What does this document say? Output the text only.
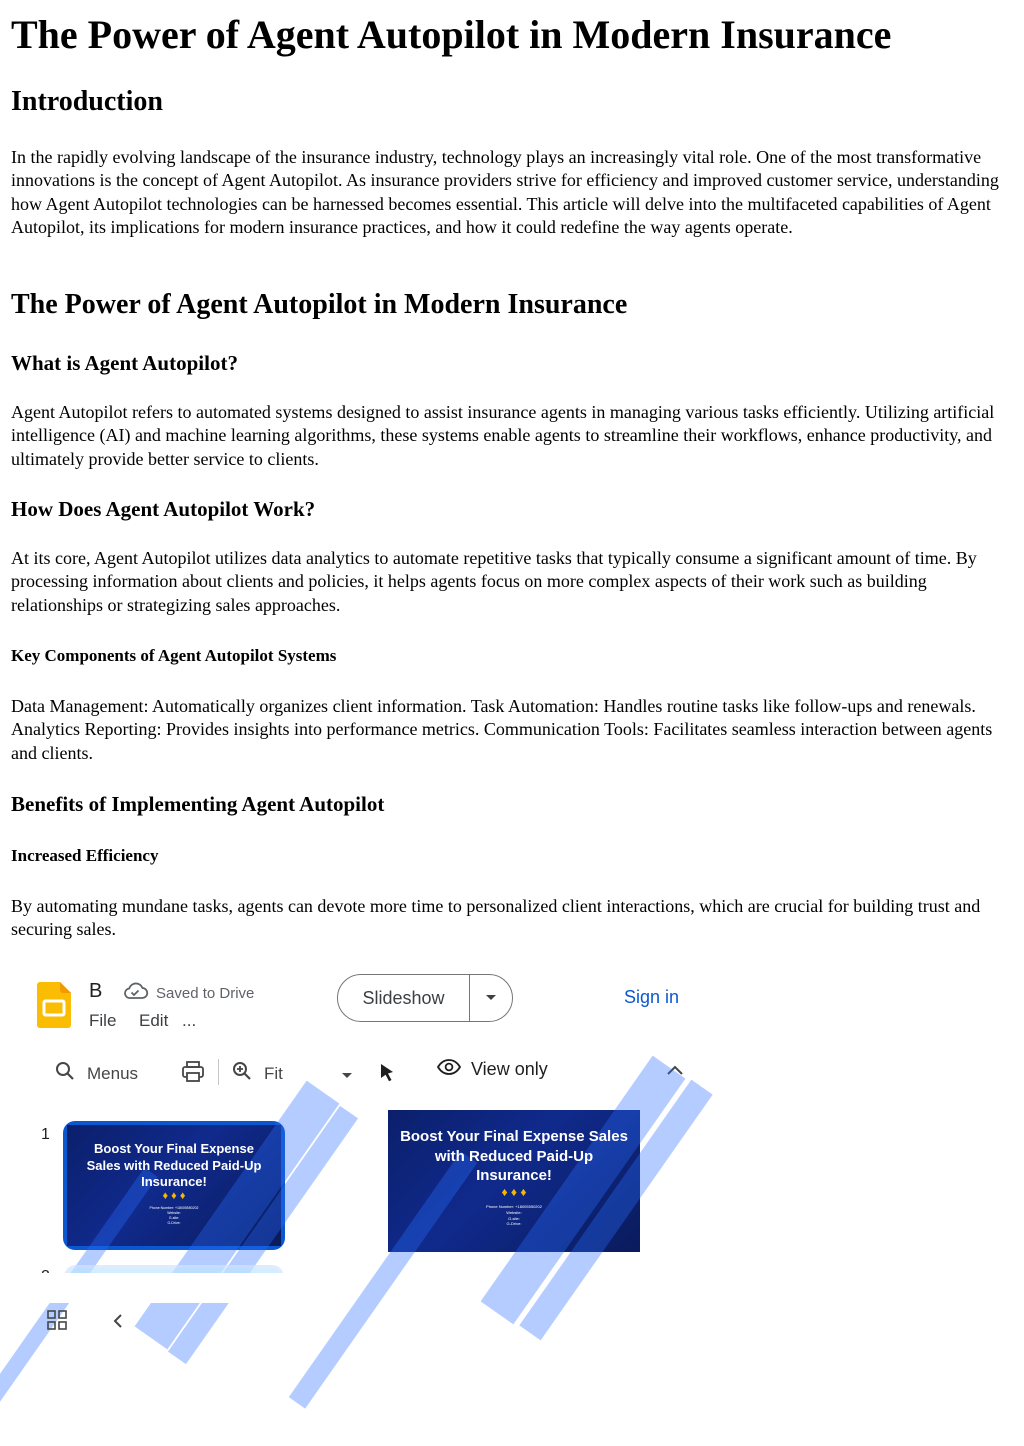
The Power of Agent Autopilot in Modern Insurance
Introduction

In the rapidly evolving landscape of the insurance industry, technology plays an increasingly vital role. One of the most transformative innovations is the concept of Agent Autopilot. As insurance providers strive for efficiency and improved customer service, understanding how Agent Autopilot technologies can be harnessed becomes essential. This article will delve into the multifaceted capabilities of Agent Autopilot, its implications for modern insurance practices, and how it could redefine the way agents operate.

The Power of Agent Autopilot in Modern Insurance
What is Agent Autopilot?

Agent Autopilot refers to automated systems designed to assist insurance agents in managing various tasks efficiently. Utilizing artificial intelligence (AI) and machine learning algorithms, these systems enable agents to streamline their workflows, enhance productivity, and ultimately provide better service to clients.

How Does Agent Autopilot Work?

At its core, Agent Autopilot utilizes data analytics to automate repetitive tasks that typically consume a significant amount of time. By processing information about clients and policies, it helps agents focus on more complex aspects of their work such as building relationships or strategizing sales approaches.

Key Components of Agent Autopilot Systems

Data Management: Automatically organizes client information. Task Automation: Handles routine tasks like follow-ups and renewals. Analytics Reporting: Provides insights into performance metrics. Communication Tools: Facilitates seamless interaction between agents and clients.

Benefits of Implementing Agent Autopilot
Increased Efficiency

By automating mundane tasks, agents can devote more time to personalized client interactions, which are crucial for building trust and securing sales.

B	Saved to Drive
File Edit ...
Slideshow	Sign in
Menus	Fit	View only
1
Boost Your Final Expense Sales with Reduced Paid-Up Insurance!
♦ ♦ ♦
Phone Number: +18005550202
Website:
G-site:
G-Drive:
Boost Your Final Expense Sales with Reduced Paid-Up Insurance!
♦ ♦ ♦
Phone Number: +18005550202
Website:
G-site:
G-Drive:
